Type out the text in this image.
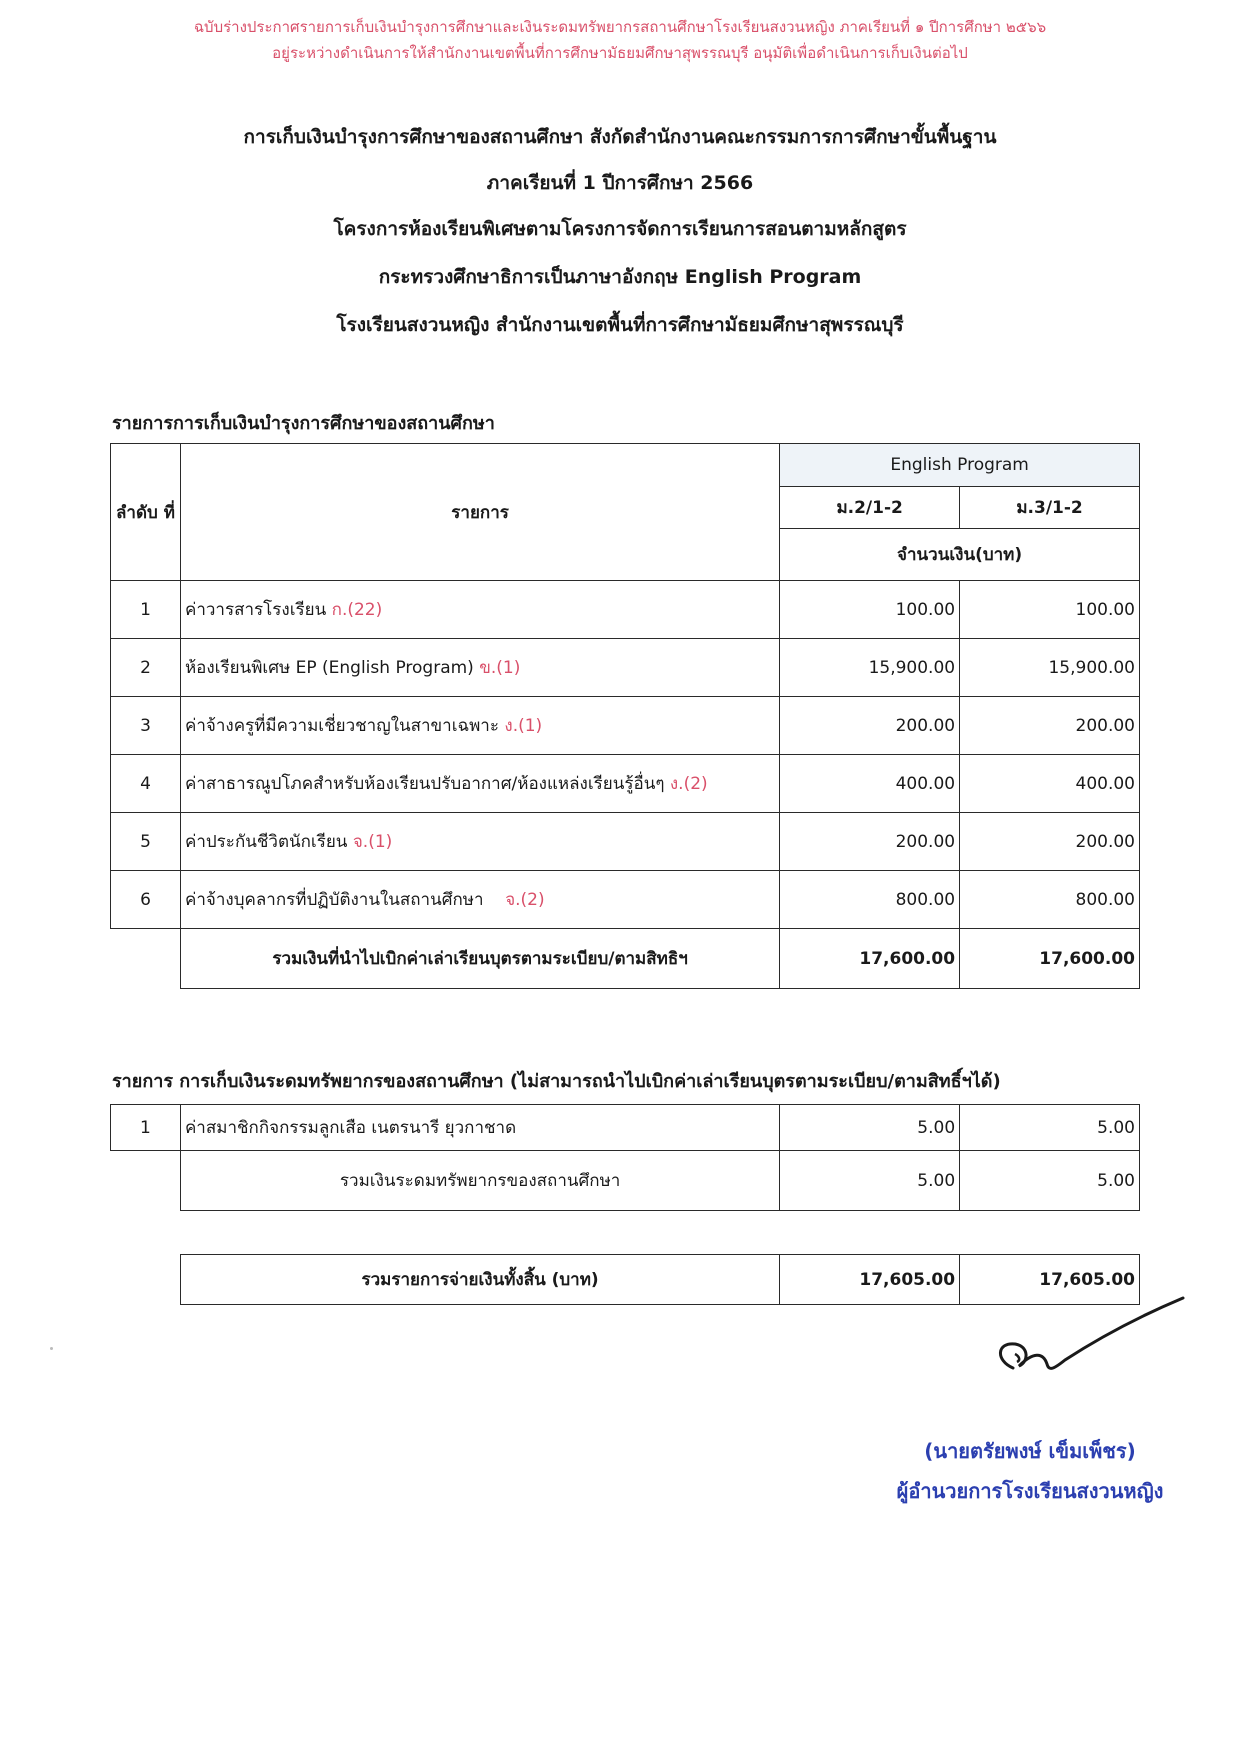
ฉบับร่างประกาศรายการเก็บเงินบำรุงการศึกษาและเงินระดมทรัพยากรสถานศึกษาโรงเรียนสงวนหญิง ภาคเรียนที่ ๑ ปีการศึกษา ๒๕๖๖
อยู่ระหว่างดำเนินการให้สำนักงานเขตพื้นที่การศึกษามัธยมศึกษาสุพรรณบุรี อนุมัติเพื่อดำเนินการเก็บเงินต่อไป
การเก็บเงินบำรุงการศึกษาของสถานศึกษา สังกัดสำนักงานคณะกรรมการการศึกษาขั้นพื้นฐาน
ภาคเรียนที่ 1 ปีการศึกษา 2566
โครงการห้องเรียนพิเศษตามโครงการจัดการเรียนการสอนตามหลักสูตร
กระทรวงศึกษาธิการเป็นภาษาอังกฤษ English Program
โรงเรียนสงวนหญิง สำนักงานเขตพื้นที่การศึกษามัธยมศึกษาสุพรรณบุรี
รายการการเก็บเงินบำรุงการศึกษาของสถานศึกษา
ลำดับ ที่	รายการ	English Program	
		ม.2/1-2	ม.3/1-2
		จำนวนเงิน(บาท)	
1	ค่าวารสารโรงเรียน ก.(22)	100.00	100.00
2	ห้องเรียนพิเศษ EP (English Program) ข.(1)	15,900.00	15,900.00
3	ค่าจ้างครูที่มีความเชี่ยวชาญในสาขาเฉพาะ ง.(1)	200.00	200.00
4	ค่าสาธารณูปโภคสำหรับห้องเรียนปรับอากาศ/ห้องแหล่งเรียนรู้อื่นๆ ง.(2)	400.00	400.00
5	ค่าประกันชีวิตนักเรียน จ.(1)	200.00	200.00
6	ค่าจ้างบุคลากรที่ปฏิบัติงานในสถานศึกษา จ.(2)	800.00	800.00
	รวมเงินที่นำไปเบิกค่าเล่าเรียนบุตรตามระเบียบ/ตามสิทธิฯ	17,600.00	17,600.00
รายการ การเก็บเงินระดมทรัพยากรของสถานศึกษา (ไม่สามารถนำไปเบิกค่าเล่าเรียนบุตรตามระเบียบ/ตามสิทธิ์ฯได้)
1	ค่าสมาชิกกิจกรรมลูกเสือ เนตรนารี ยุวกาชาด	5.00	5.00
	รวมเงินระดมทรัพยากรของสถานศึกษา	5.00	5.00
รวมรายการจ่ายเงินทั้งสิ้น (บาท)	17,605.00	17,605.00
(นายตรัยพงษ์ เข็มเพ็ชร)
ผู้อำนวยการโรงเรียนสงวนหญิง
